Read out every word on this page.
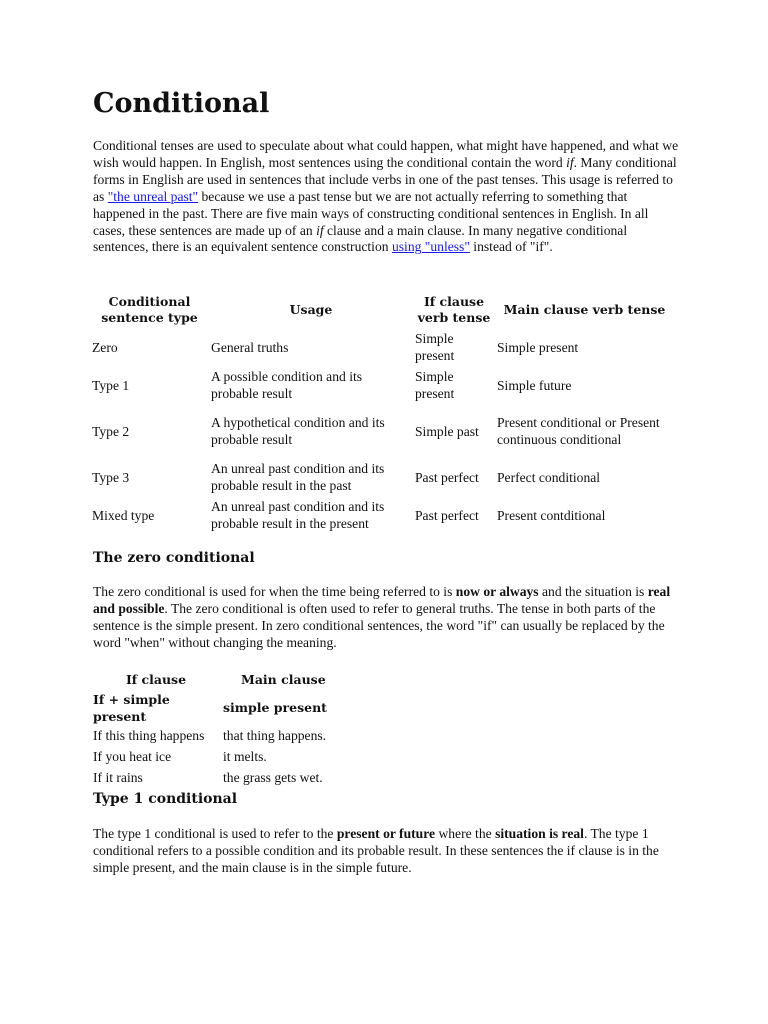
Conditional

Conditional tenses are used to speculate about what could happen, what might have happened, and what we wish would happen. In English, most sentences using the conditional contain the word if. Many conditional forms in English are used in sentences that include verbs in one of the past tenses. This usage is referred to as "the unreal past" because we use a past tense but we are not actually referring to something that happened in the past. There are five main ways of constructing conditional sentences in English. In all cases, these sentences are made up of an if clause and a main clause. In many negative conditional sentences, there is an equivalent sentence construction using "unless" instead of "if".

Conditional sentence type	Usage	If clause verb tense	Main clause verb tense
Zero	General truths	Simple present	Simple present
Type 1	A possible condition and its probable result	Simple present	Simple future
Type 2	A hypothetical condition and its probable result	Simple past	Present conditional or Present continuous conditional
Type 3	An unreal past condition and its probable result in the past	Past perfect	Perfect conditional
Mixed type	An unreal past condition and its probable result in the present	Past perfect	Present contditional
The zero conditional

The zero conditional is used for when the time being referred to is now or always and the situation is real and possible. The zero conditional is often used to refer to general truths. The tense in both parts of the sentence is the simple present. In zero conditional sentences, the word "if" can usually be replaced by the word "when" without changing the meaning.

If clause	Main clause
If + simple present	simple present
If this thing happens	that thing happens.
If you heat ice	it melts.
If it rains	the grass gets wet.
Type 1 conditional

The type 1 conditional is used to refer to the present or future where the situation is real. The type 1 conditional refers to a possible condition and its probable result. In these sentences the if clause is in the simple present, and the main clause is in the simple future.
